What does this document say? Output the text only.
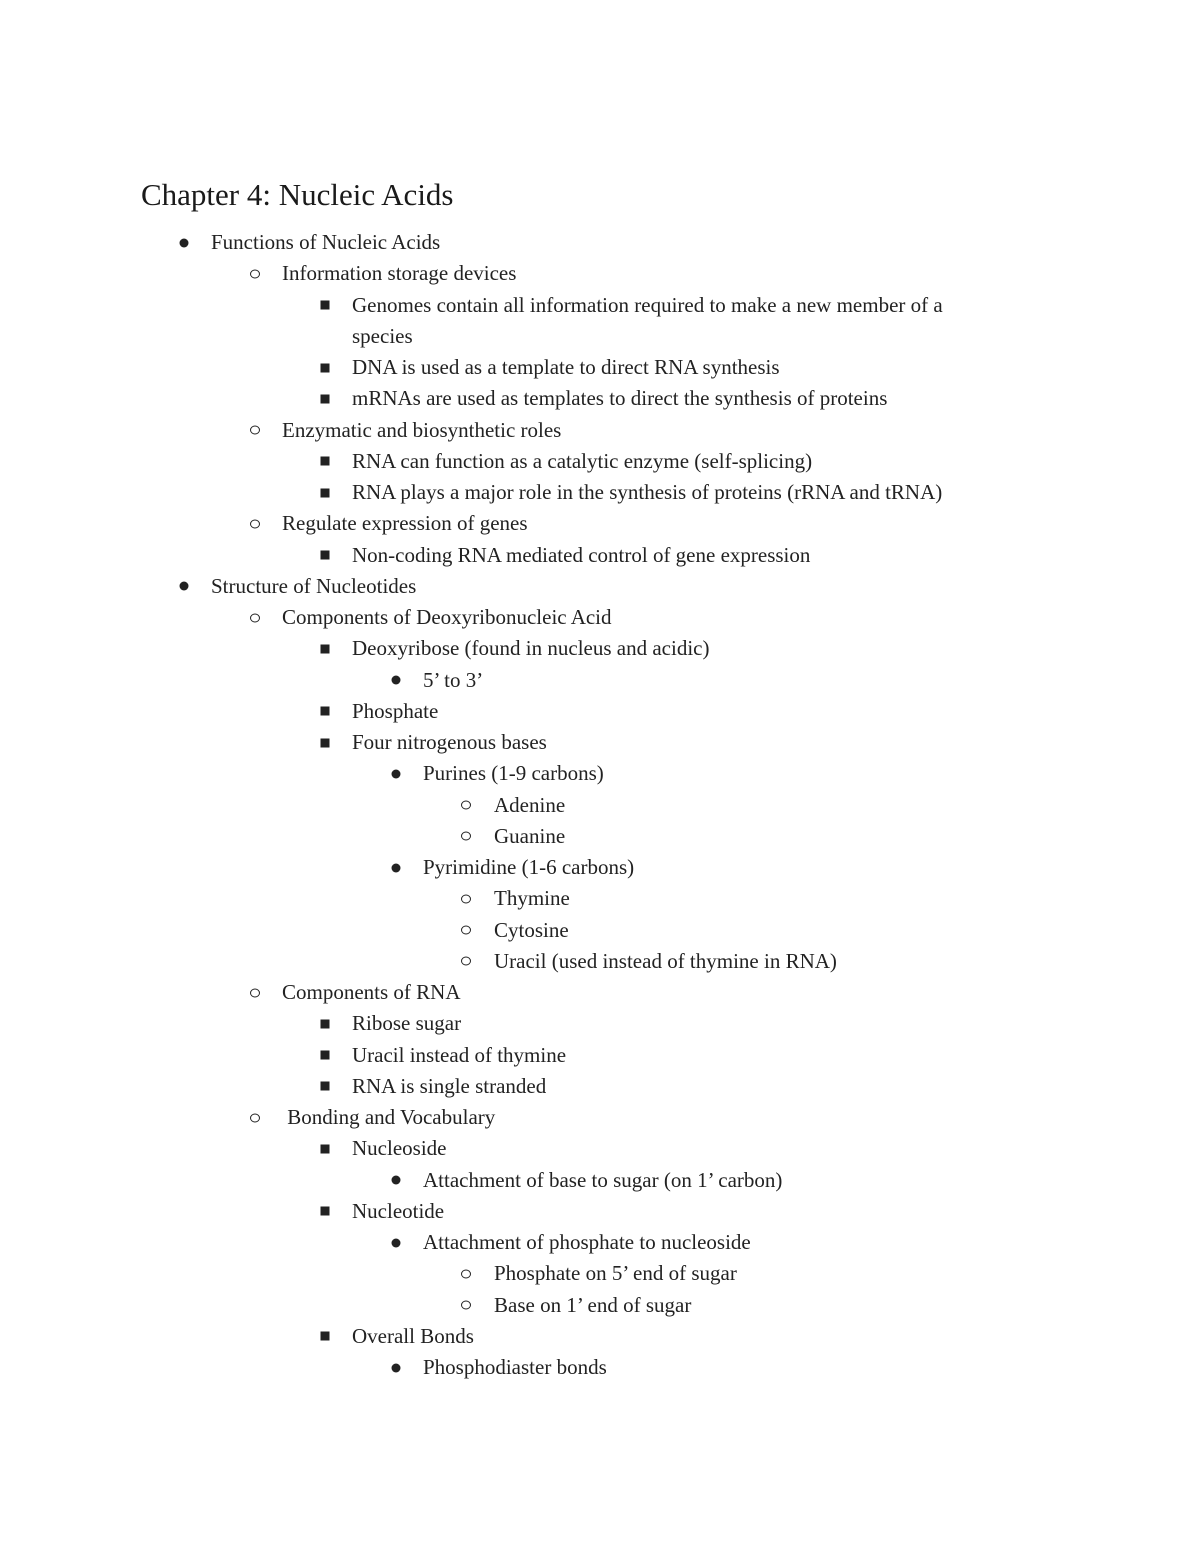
Chapter 4: Nucleic Acids
Functions of Nucleic Acids
Information storage devices
Genomes contain all information required to make a new member of a
species
DNA is used as a template to direct RNA synthesis
mRNAs are used as templates to direct the synthesis of proteins
Enzymatic and biosynthetic roles
RNA can function as a catalytic enzyme (self-splicing)
RNA plays a major role in the synthesis of proteins (rRNA and tRNA)
Regulate expression of genes
Non-coding RNA mediated control of gene expression
Structure of Nucleotides
Components of Deoxyribonucleic Acid
Deoxyribose (found in nucleus and acidic)
5’ to 3’
Phosphate
Four nitrogenous bases
Purines (1-9 carbons)
Adenine
Guanine
Pyrimidine (1-6 carbons)
Thymine
Cytosine
Uracil (used instead of thymine in RNA)
Components of RNA
Ribose sugar
Uracil instead of thymine
RNA is single stranded
Bonding and Vocabulary
Nucleoside
Attachment of base to sugar (on 1’ carbon)
Nucleotide
Attachment of phosphate to nucleoside
Phosphate on 5’ end of sugar
Base on 1’ end of sugar
Overall Bonds
Phosphodiaster bonds
